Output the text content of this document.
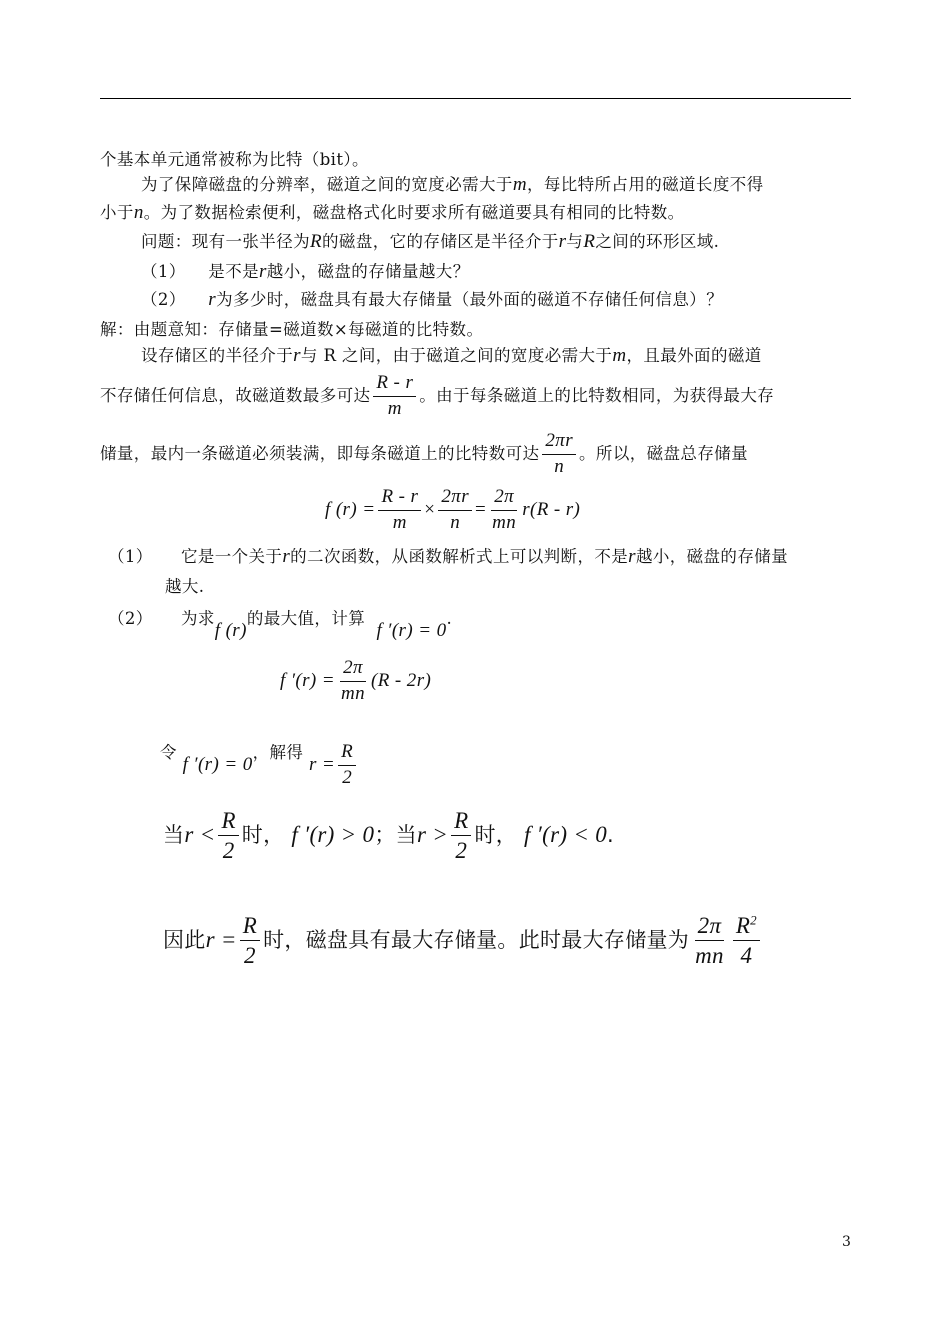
个基本单元通常被称为比特（bit）。
为了保障磁盘的分辨率，磁道之间的宽度必需大于m，每比特所占用的磁道长度不得
小于n。为了数据检索便利，磁盘格式化时要求所有磁道要具有相同的比特数。
问题：现有一张半径为R的磁盘，它的存储区是半径介于r与R之间的环形区域.
（1） 是不是r越小，磁盘的存储量越大？
（2） r为多少时，磁盘具有最大存储量（最外面的磁道不存储任何信息）？
解：由题意知：存储量=磁道数×每磁道的比特数。
设存储区的半径介于r与 R 之间，由于磁道之间的宽度必需大于m，且最外面的磁道
不存储任何信息，故磁道数最多可达 $\frac{R - r}{m}$ 。由于每条磁道上的比特数相同，为获得最大存
储量，最内一条磁道必须装满，即每条磁道上的比特数可达 $\frac{2\pi r}{n}$ 。所以，磁盘总存储量
f $(r) = \frac{R - r}{m} \times \frac{2\pi r}{n} = \frac{2\pi}{mn} r(R - r)$
（1） 它是一个关于r的二次函数，从函数解析式上可以判断，不是r越小，磁盘的存储量
越大.
（2） 为求f (r)的最大值，计算  f ′(r) = 0.
f $'(r) = \frac{2\pi}{mn} (R - 2r)$
令 f ′(r) = 0，解得 $r = \frac{R}{2}$
当$r < \frac{R}{2}$ 时， f ′(r) > 0；当$r > \frac{R}{2}$ 时， f ′(r) < 0.
因此$r = \frac{R}{2}$ 时，磁盘具有最大存储量。此时最大存储量为 $\frac{2\pi}{mn} \frac{R^2}{4}$
3
